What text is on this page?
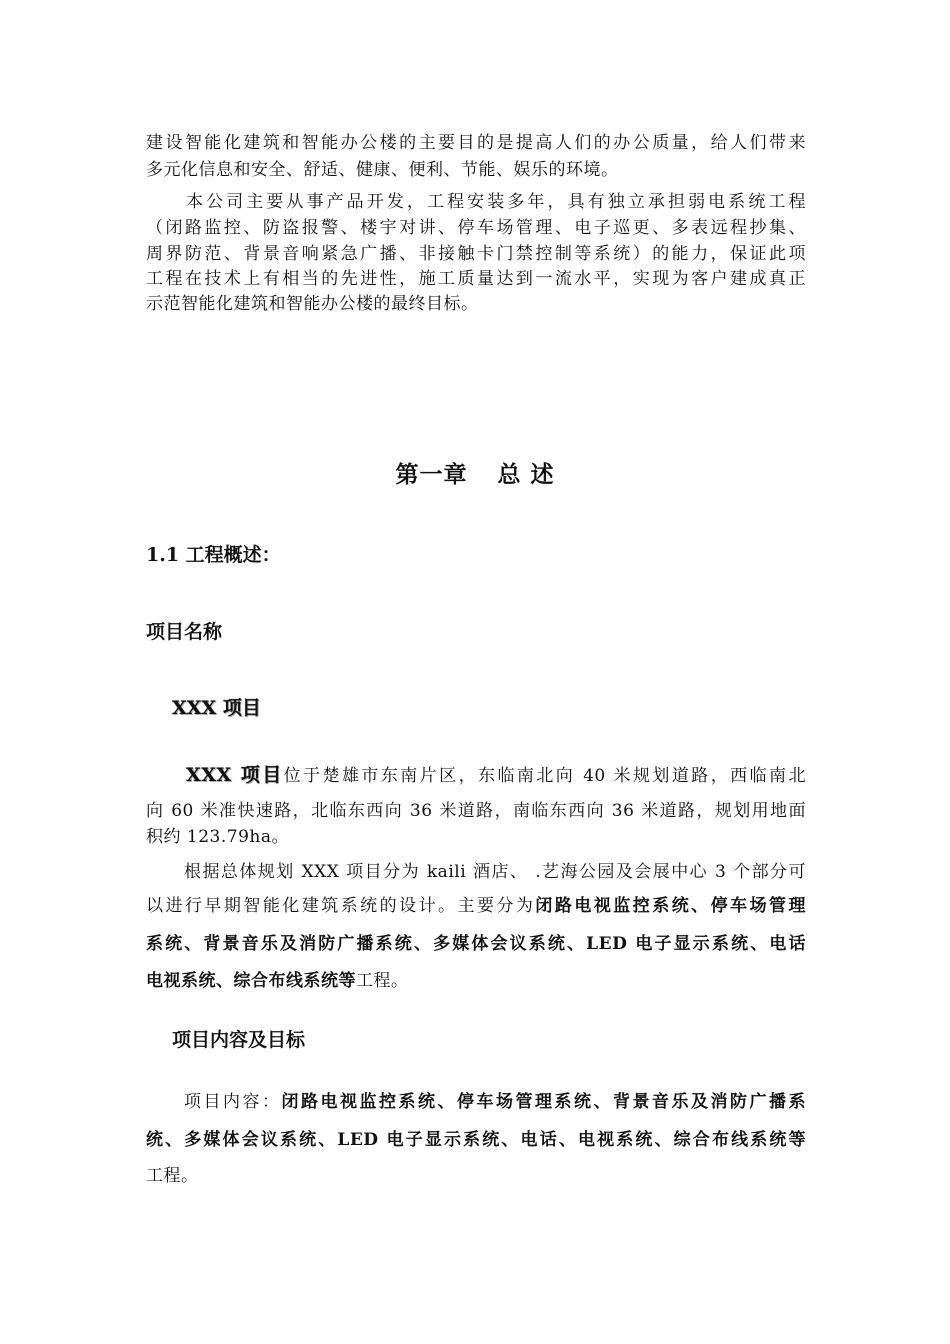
建设智能化建筑和智能办公楼的主要目的是提高人们的办公质量，给人们带来
多元化信息和安全、舒适、健康、便利、节能、娱乐的环境。
本公司主要从事产品开发，工程安装多年，具有独立承担弱电系统工程
（闭路监控、防盗报警、楼宇对讲、停车场管理、电子巡更、多表远程抄集、
周界防范、背景音响紧急广播、非接触卡门禁控制等系统）的能力，保证此项
工程在技术上有相当的先进性，施工质量达到一流水平，实现为客户建成真正
示范智能化建筑和智能办公楼的最终目标。
第一章 总 述
1.1 工程概述：
项目名称
XXX 项目
XXX 项目位于楚雄市东南片区，东临南北向 40 米规划道路，西临南北
向 60 米准快速路，北临东西向 36 米道路，南临东西向 36 米道路，规划用地面
积约 123.79ha。
根据总体规划 XXX 项目分为 kaili 酒店、 .艺海公园及会展中心 3 个部分可
以进行早期智能化建筑系统的设计。主要分为闭路电视监控系统、停车场管理
系统、背景音乐及消防广播系统、多媒体会议系统、LED 电子显示系统、电话
电视系统、综合布线系统等工程。
项目内容及目标
项目内容：闭路电视监控系统、停车场管理系统、背景音乐及消防广播系
统、多媒体会议系统、LED 电子显示系统、电话、电视系统、综合布线系统等
工程。
